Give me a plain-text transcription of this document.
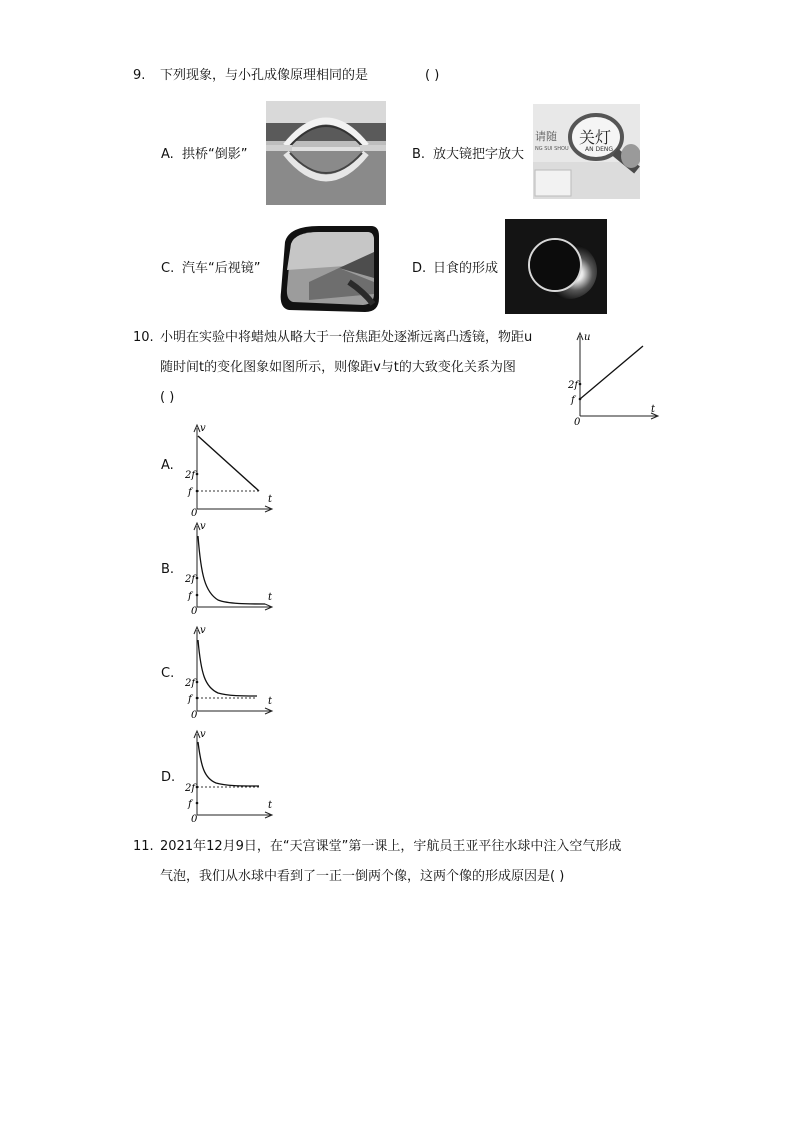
9. 下列现象，与小孔成像原理相同的是	( )
A. 拱桥“倒影”	B. 放大镜把字放大
请随 关灯
NG SUI SHOU	AN DENG
C. 汽车“后视镜”	D. 日食的形成
10. 小明在实验中将蜡烛从略大于一倍焦距处逐渐远离凸透镜，物距u
随时间t的变化图象如图所示，则像距v与t的大致变化关系为图
( )
u
t
0
2f
f
A.
v
t
0
2f
f
B.
v
t
0
2f
f
C.
v
t
0
2f
f
D.
v
t
0
2f
f
11. 2021年12月9日，在“天宫课堂”第一课上，宇航员王亚平往水球中注入空气形成
气泡，我们从水球中看到了一正一倒两个像，这两个像的形成原因是( )
